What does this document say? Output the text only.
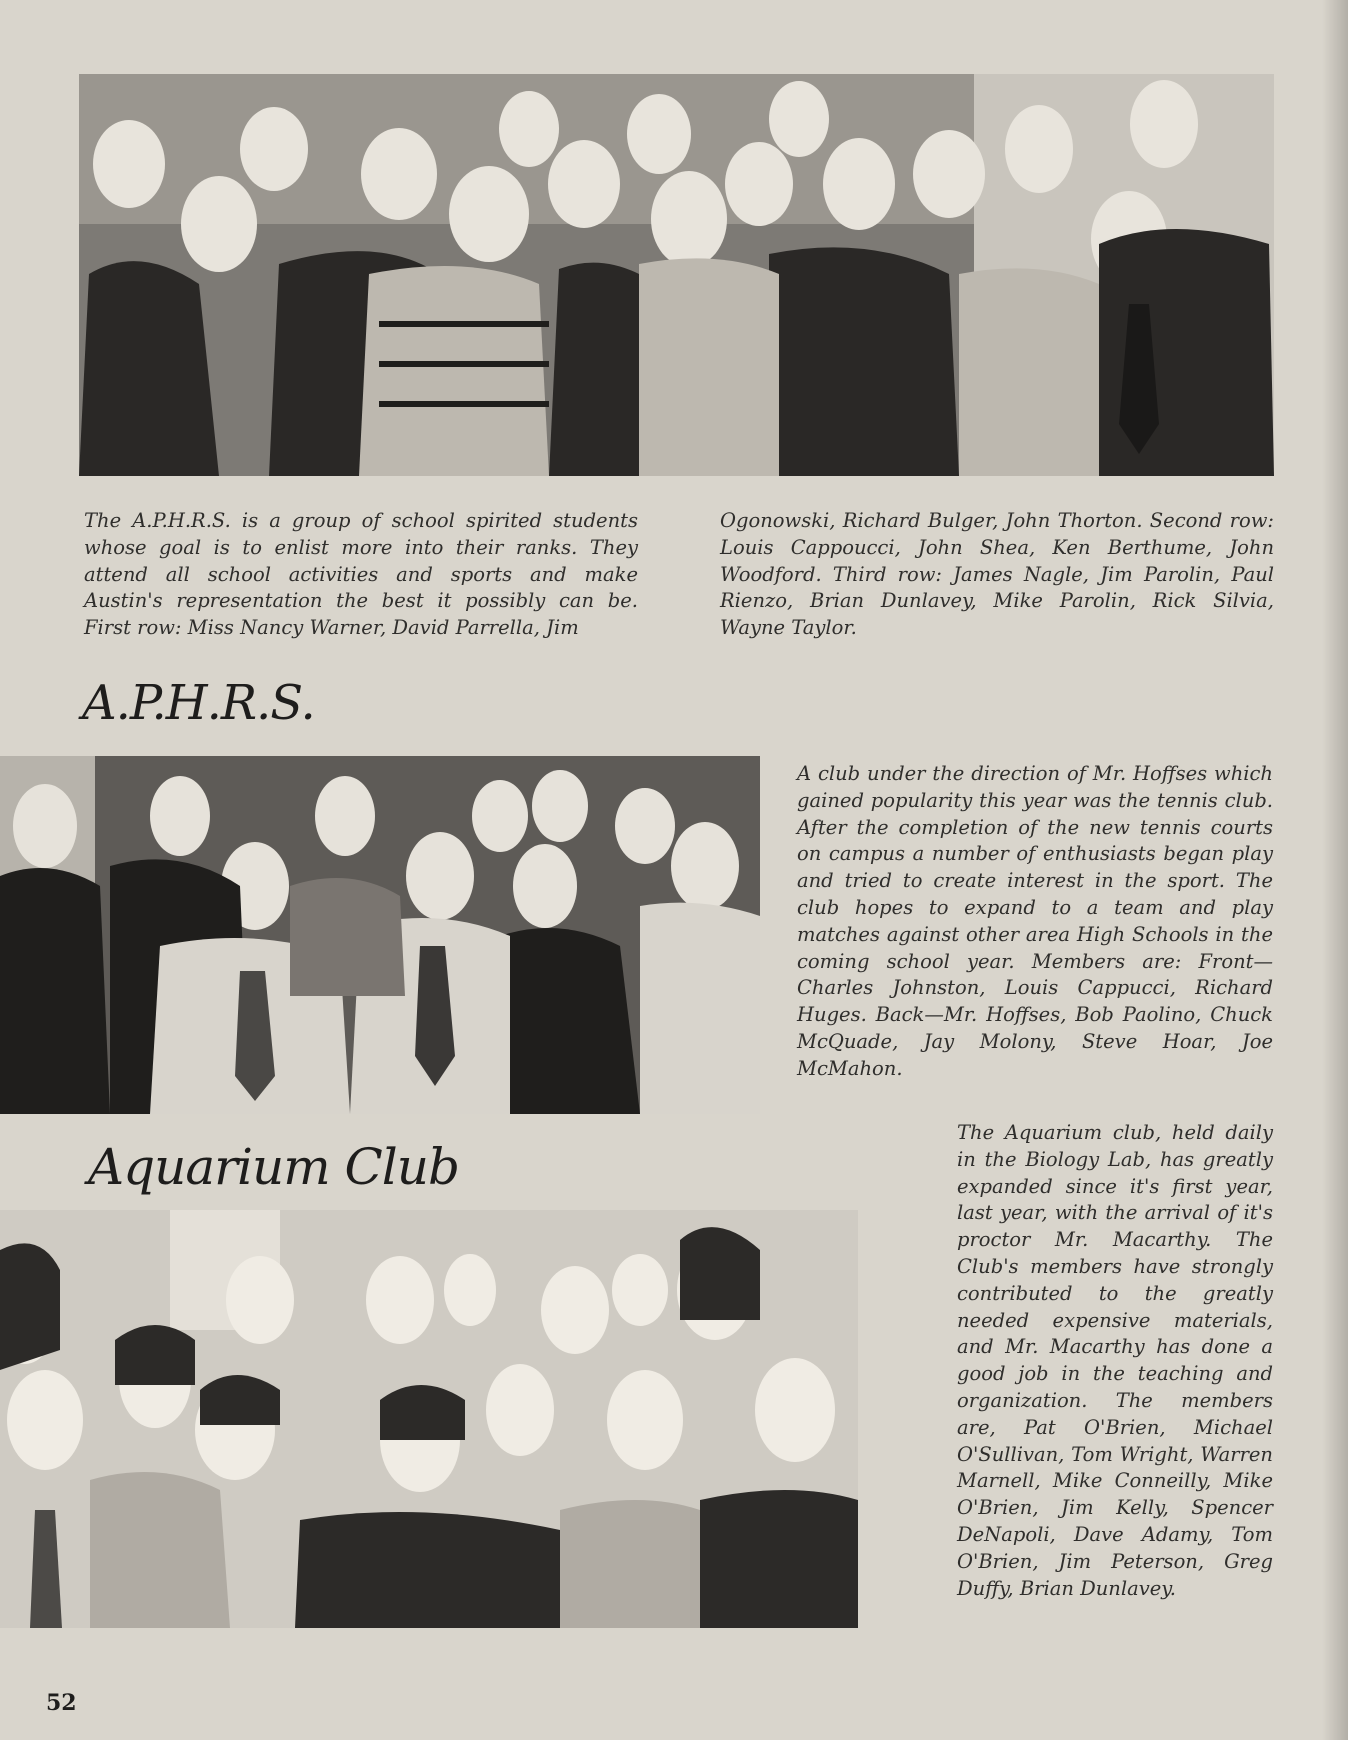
The A.P.H.R.S. is a group of school spirited students whose goal is to enlist more into their ranks. They attend all school activities and sports and make Austin's representation the best it possibly can be. First row: Miss Nancy Warner, David Parrella, Jim
Ogonowski, Richard Bulger, John Thorton. Second row: Louis Cappoucci, John Shea, Ken Berthume, John Woodford. Third row: James Nagle, Jim Parolin, Paul Rienzo, Brian Dunlavey, Mike Parolin, Rick Silvia, Wayne Taylor.
A.P.H.R.S.
A club under the direction of Mr. Hoffses which gained popularity this year was the tennis club. After the completion of the new tennis courts on campus a number of enthusiasts began play and tried to create interest in the sport. The club hopes to expand to a team and play matches against other area High Schools in the coming school year. Members are: Front—Charles Johnston, Louis Cappucci, Richard Huges. Back—Mr. Hoffses, Bob Paolino, Chuck McQuade, Jay Molony, Steve Hoar, Joe McMahon.
Aquarium Club
The Aquarium club, held daily in the Biology Lab, has greatly expanded since it's first year, last year, with the arrival of it's proctor Mr. Macarthy. The Club's members have strongly contributed to the greatly needed expensive materials, and Mr. Macarthy has done a good job in the teaching and organization. The members are, Pat O'Brien, Michael O'Sullivan, Tom Wright, Warren Marnell, Mike Conneilly, Mike O'Brien, Jim Kelly, Spencer DeNapoli, Dave Adamy, Tom O'Brien, Jim Peterson, Greg Duffy, Brian Dunlavey.
52
